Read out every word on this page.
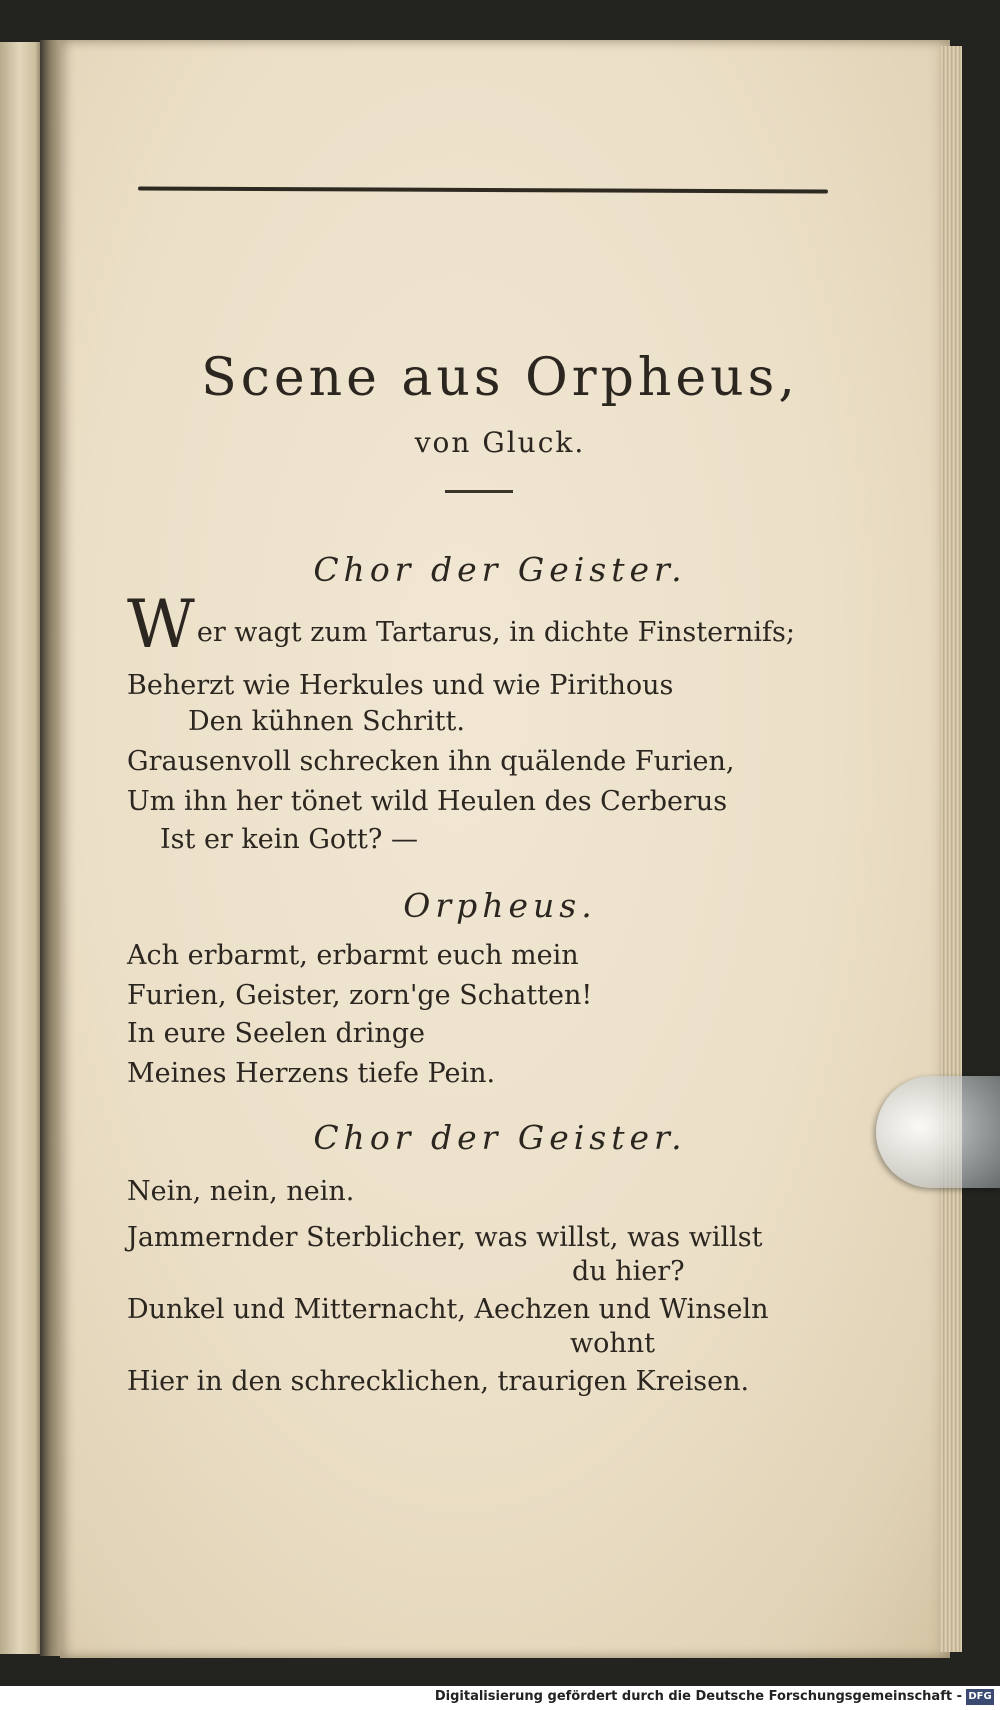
Scene aus Orpheus,
von Gluck.
Chor der Geister.
Wer wagt zum Tartarus, in dichte Finsternifs;
Beherzt wie Herkules und wie Pirithous
Den kühnen Schritt.
Grausenvoll schrecken ihn quälende Furien,
Um ihn her tönet wild Heulen des Cerberus
Ist er kein Gott? —
Orpheus.
Ach erbarmt, erbarmt euch mein
Furien, Geister, zorn'ge Schatten!
In eure Seelen dringe
Meines Herzens tiefe Pein.
Chor der Geister.
Nein, nein, nein.
Jammernder Sterblicher, was willst, was willst
du hier?
Dunkel und Mitternacht, Aechzen und Winseln
wohnt
Hier in den schrecklichen, traurigen Kreisen.
Digitalisierung gefördert durch die Deutsche Forschungsgemeinschaft - DFG
